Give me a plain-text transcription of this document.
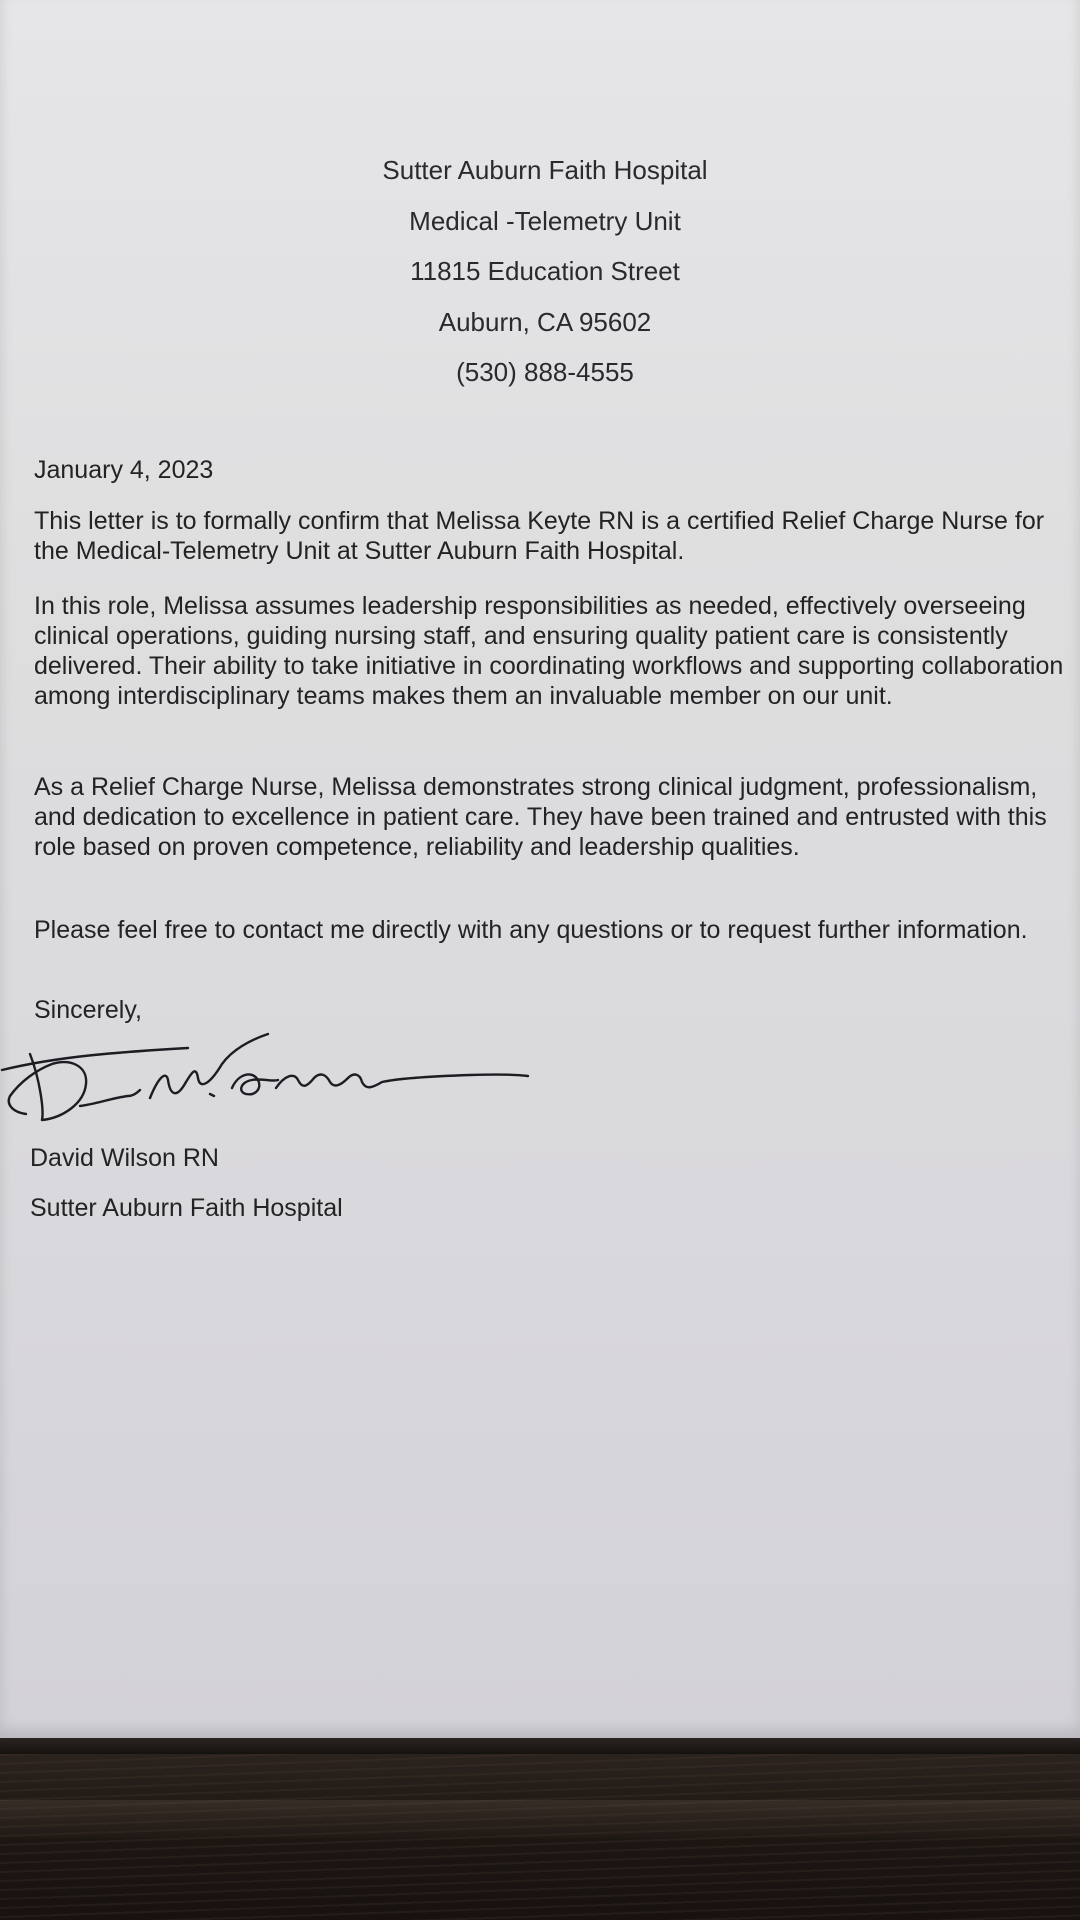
Sutter Auburn Faith Hospital
Medical -Telemetry Unit
11815 Education Street
Auburn, CA 95602
(530) 888-4555
January 4, 2023
This letter is to formally confirm that Melissa Keyte RN is a certified Relief Charge Nurse for the Medical-Telemetry Unit at Sutter Auburn Faith Hospital.
In this role, Melissa assumes leadership responsibilities as needed, effectively overseeing clinical operations, guiding nursing staff, and ensuring quality patient care is consistently delivered. Their ability to take initiative in coordinating workflows and supporting collaboration among interdisciplinary teams makes them an invaluable member on our unit.
As a Relief Charge Nurse, Melissa demonstrates strong clinical judgment, professionalism, and dedication to excellence in patient care. They have been trained and entrusted with this role based on proven competence, reliability and leadership qualities.
Please feel free to contact me directly with any questions or to request further information.
Sincerely,
David Wilson RN
Sutter Auburn Faith Hospital
